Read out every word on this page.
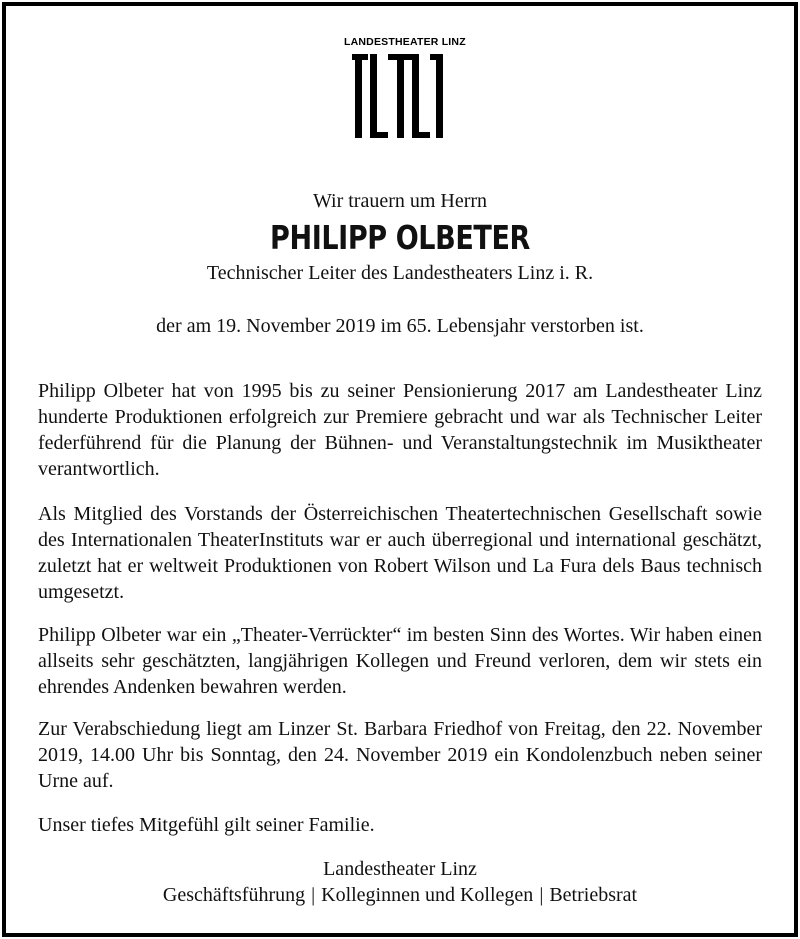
LANDESTHEATER LINZ
Wir trauern um Herrn
PHILIPP OLBETER
Technischer Leiter des Landestheaters Linz i. R.
der am 19. November 2019 im 65. Lebensjahr verstorben ist.
Philipp Olbeter hat von 1995 bis zu seiner Pensionierung 2017 am Landestheater Linz hunderte Produktionen erfolgreich zur Premiere gebracht und war als Technischer Leiter federführend für die Planung der Bühnen- und Veranstaltungstechnik im Musiktheater verantwortlich.
Als Mitglied des Vorstands der Österreichischen Theatertechnischen Gesellschaft sowie des Internationalen TheaterInstituts war er auch überregional und international geschätzt, zuletzt hat er weltweit Produktionen von Robert Wilson und La Fura dels Baus technisch umgesetzt.
Philipp Olbeter war ein „Theater-Verrückter“ im besten Sinn des Wortes. Wir haben einen allseits sehr geschätzten, langjährigen Kollegen und Freund verloren, dem wir stets ein ehrendes Andenken bewahren werden.
Zur Verabschiedung liegt am Linzer St. Barbara Friedhof von Freitag, den 22. November 2019, 14.00 Uhr bis Sonntag, den 24. November 2019 ein Kondolenzbuch neben seiner Urne auf.
Unser tiefes Mitgefühl gilt seiner Familie.
Landestheater Linz
Geschäftsführung | Kolleginnen und Kollegen | Betriebsrat
